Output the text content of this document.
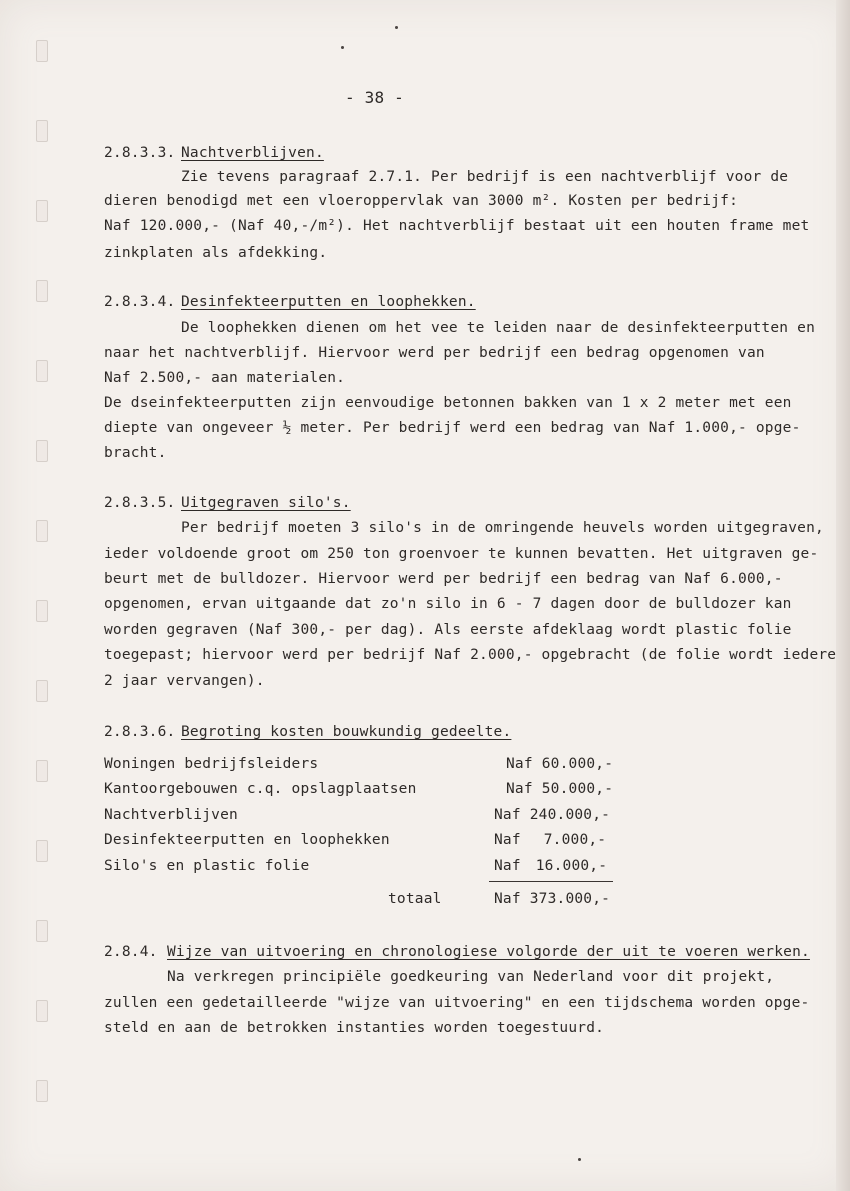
- 38 -
2.8.3.3. Nachtverblijven.
Zie tevens paragraaf 2.7.1. Per bedrijf is een nachtverblijf voor de
dieren benodigd met een vloeroppervlak van 3000 m². Kosten per bedrijf:
Naf 120.000,- (Naf 40,-/m²). Het nachtverblijf bestaat uit een houten frame met
zinkplaten als afdekking.
2.8.3.4. Desinfekteerputten en loophekken.
De loophekken dienen om het vee te leiden naar de desinfekteerputten en
naar het nachtverblijf. Hiervoor werd per bedrijf een bedrag opgenomen van
Naf 2.500,- aan materialen.
De dseinfekteerputten zijn eenvoudige betonnen bakken van 1 x 2 meter met een
diepte van ongeveer ½ meter. Per bedrijf werd een bedrag van Naf 1.000,- opge-
bracht.
2.8.3.5. Uitgegraven silo's.
Per bedrijf moeten 3 silo's in de omringende heuvels worden uitgegraven,
ieder voldoende groot om 250 ton groenvoer te kunnen bevatten. Het uitgraven ge-
beurt met de bulldozer. Hiervoor werd per bedrijf een bedrag van Naf 6.000,-
opgenomen, ervan uitgaande dat zo'n silo in 6 - 7 dagen door de bulldozer kan
worden gegraven (Naf 300,- per dag). Als eerste afdeklaag wordt plastic folie
toegepast; hiervoor werd per bedrijf Naf 2.000,- opgebracht (de folie wordt iedere
2 jaar vervangen).
2.8.3.6. Begroting kosten bouwkundig gedeelte.
Woningen bedrijfsleiders	Naf 60.000,-
Kantoorgebouwen c.q. opslagplaatsen	Naf 50.000,-
Nachtverblijven	Naf 240.000,-
Desinfekteerputten en loophekken	Naf 7.000,-
Silo's en plastic folie	Naf 16.000,-
totaal	Naf 373.000,-
2.8.4. Wijze van uitvoering en chronologiese volgorde der uit te voeren werken.
Na verkregen principiële goedkeuring van Nederland voor dit projekt,
zullen een gedetailleerde "wijze van uitvoering" en een tijdschema worden opge-
steld en aan de betrokken instanties worden toegestuurd.
